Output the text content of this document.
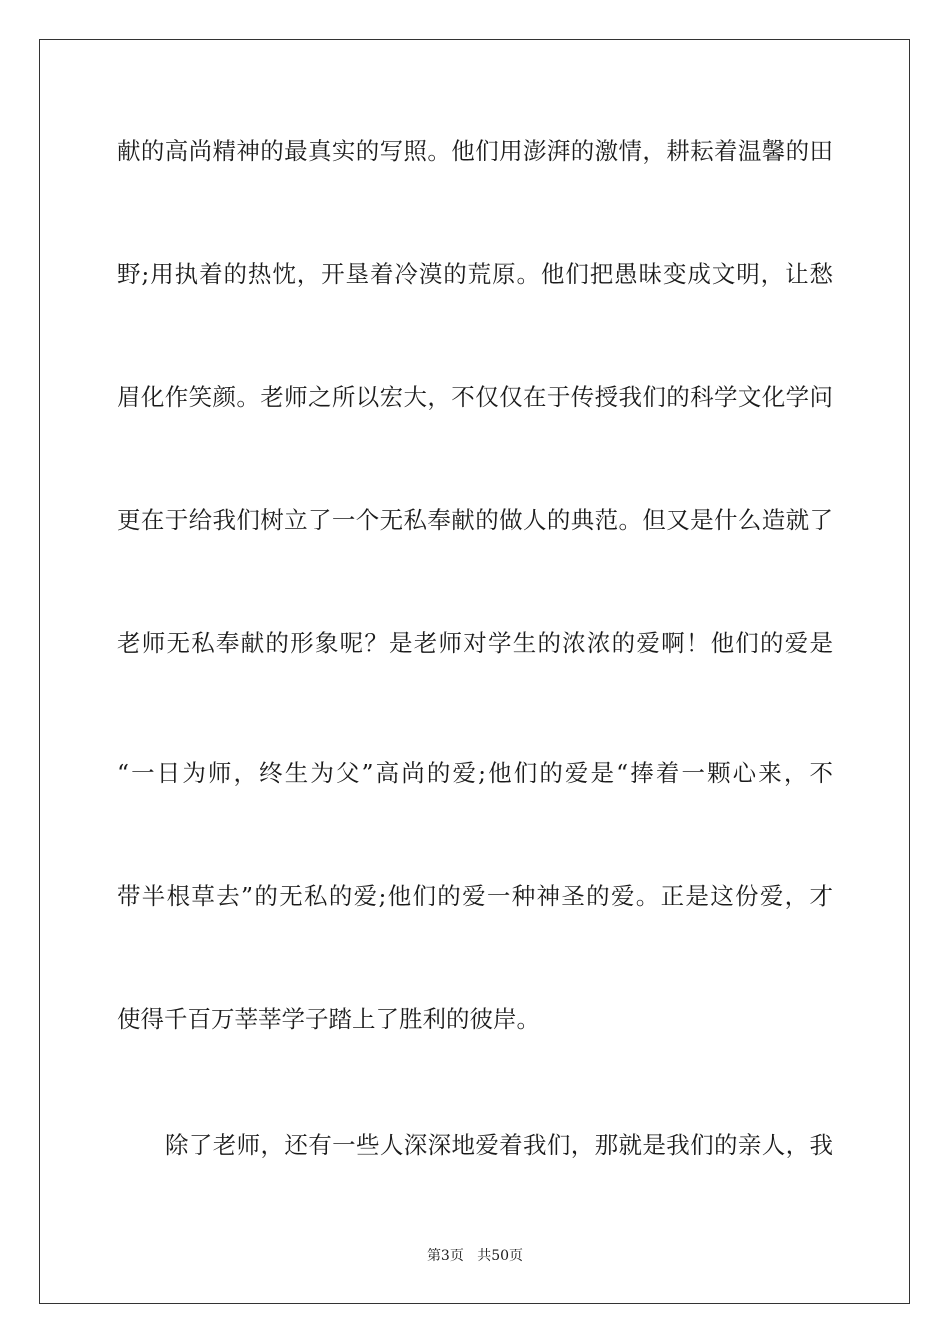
献的高尚精神的最真实的写照。他们用澎湃的激情，耕耘着温馨的田
野;用执着的热忱，开垦着冷漠的荒原。他们把愚昧变成文明，让愁
眉化作笑颜。老师之所以宏大，不仅仅在于传授我们的科学文化学问
更在于给我们树立了一个无私奉献的做人的典范。但又是什么造就了
老师无私奉献的形象呢？是老师对学生的浓浓的爱啊！他们的爱是
“一日为师，终生为父”高尚的爱;他们的爱是“捧着一颗心来，不
带半根草去”的无私的爱;他们的爱一种神圣的爱。正是这份爱，才
使得千百万莘莘学子踏上了胜利的彼岸。
除了老师，还有一些人深深地爱着我们，那就是我们的亲人，我
第3页 共50页
